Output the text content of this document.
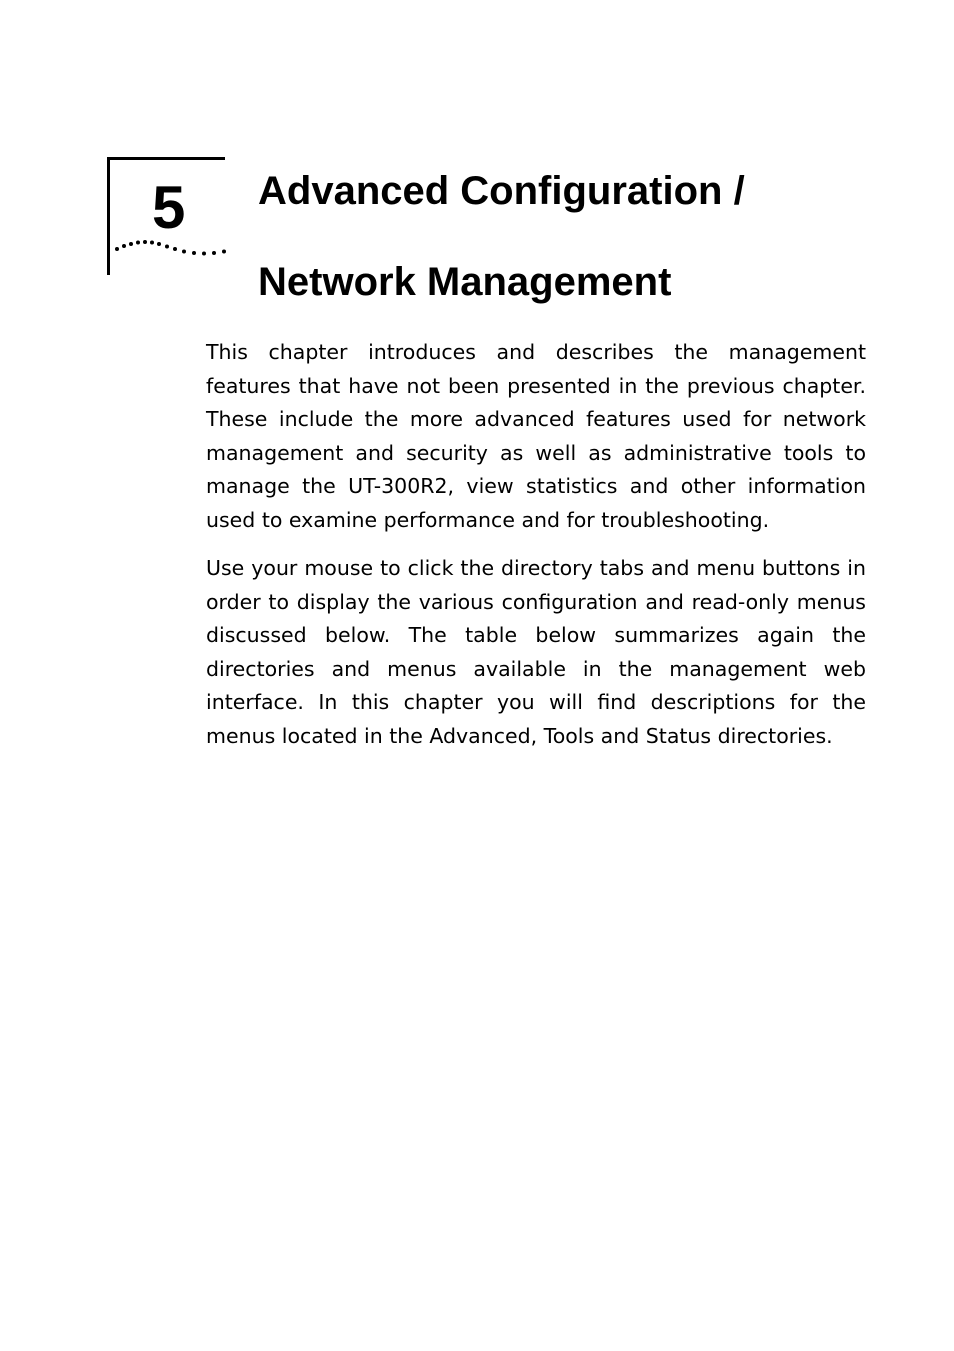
5 Advanced Configuration /
Network Management

This chapter introduces and describes the management features that have not been presented in the previous chapter. These include the more advanced features used for network management and security as well as administrative tools to manage the UT-300R2, view statistics and other information used to examine performance and for troubleshooting.

Use your mouse to click the directory tabs and menu buttons in order to display the various configuration and read-only menus discussed below. The table below summarizes again the directories and menus available in the management web interface. In this chapter you will find descriptions for the menus located in the Advanced, Tools and Status directories.
